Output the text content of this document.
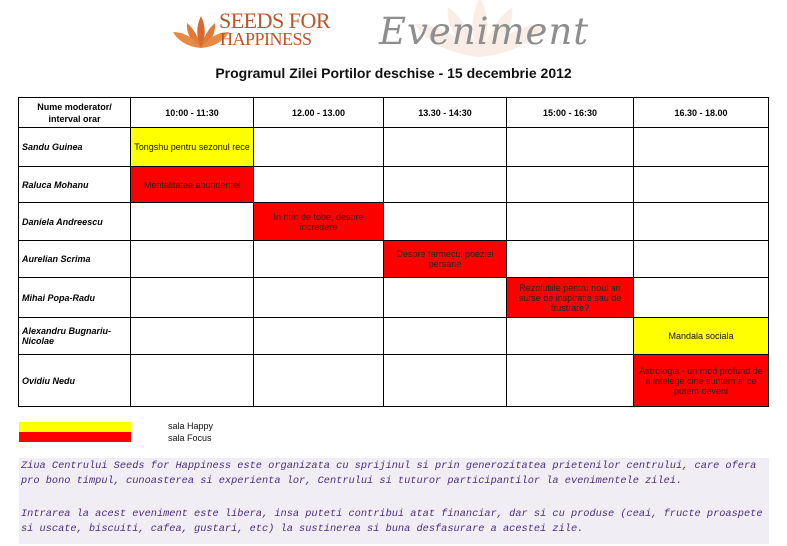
SEEDS FOR
HAPPINESS	Eveniment
Programul Zilei Portilor deschise - 15 decembrie 2012
Nume moderator/ interval orar	10:00 - 11:30	12.00 - 13.00	13.30 - 14:30	15:00 - 16:30	16.30 - 18.00
Sandu Guinea	Tongshu pentru sezonul rece				
Raluca Mohanu	Mentalitatea abundentei				
Daniela Andreescu		In ritm de tobe, despre incredere			
Aurelian Scrima			Despre farmecul poeziei persane		
Mihai Popa-Radu				Rezolutiile pentru noul an surse de inspiratie sau de frustrare?	
Alexandru Bugnariu-Nicolae					Mandala sociala
Ovidiu Nedu					Astrologia - un mod profund de a intelege cine suntem si ce putem deveni
sala Happy
sala Focus

Ziua Centrului Seeds for Happiness este organizata cu sprijinul si prin generozitatea prietenilor centrului, care ofera pro bono timpul, cunoasterea si experienta lor, Centrului si tuturor participantilor la evenimentele zilei.

Intrarea la acest eveniment este libera, insa puteti contribui atat financiar, dar si cu produse (ceai, fructe proaspete si uscate, biscuiti, cafea, gustari, etc) la sustinerea si buna desfasurare a acestei zile.
